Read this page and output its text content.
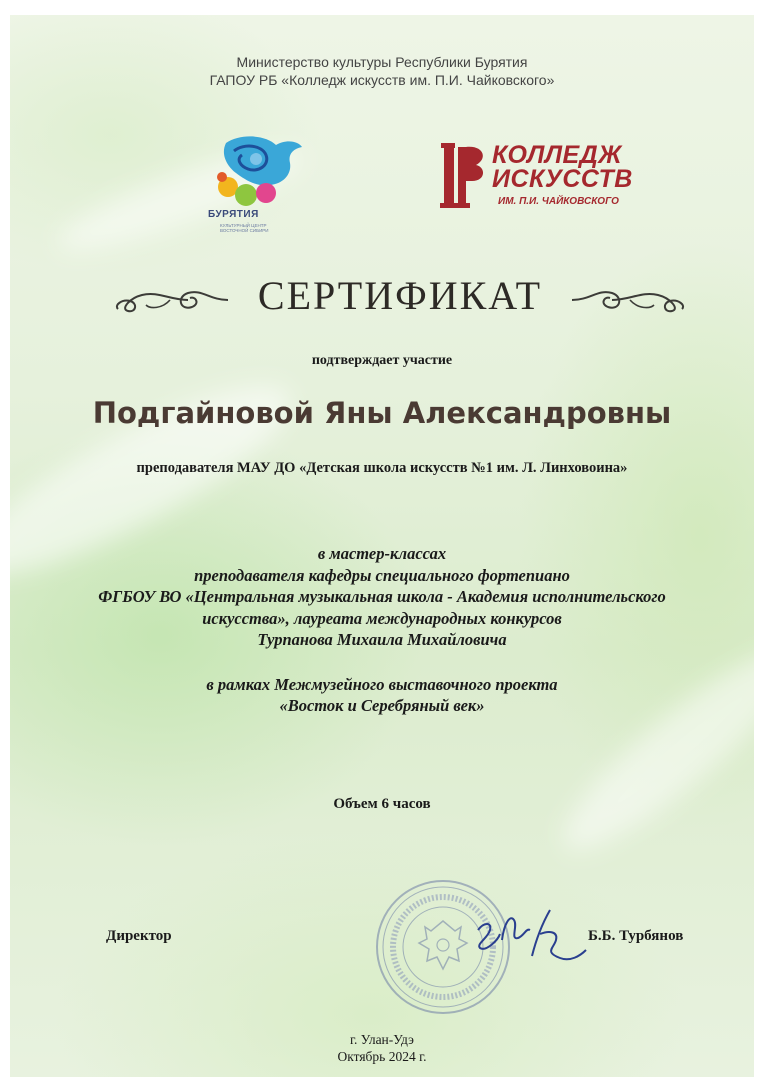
Министерство культуры Республики Бурятия
ГАПОУ РБ «Колледж искусств им. П.И. Чайковского»
БУРЯТИЯ
КУЛЬТУРНЫЙ ЦЕНТР ВОСТОЧНОЙ СИБИРИ
КОЛЛЕДЖ
ИСКУССТВ
ИМ. П.И. ЧАЙКОВСКОГО
СЕРТИФИКАТ
подтверждает участие
Подгайновой Яны Александровны
преподавателя МАУ ДО «Детская школа искусств №1 им. Л. Линховоина»
в мастер-классах
преподавателя кафедры специального фортепиано
ФГБОУ ВО «Центральная музыкальная школа - Академия исполнительского
искусства», лауреата международных конкурсов
Турпанова Михаила Михайловича
в рамках Межмузейного выставочного проекта
«Восток и Серебряный век»
Объем 6 часов
Директор	Б.Б. Турбянов
г. Улан-Удэ
Октябрь 2024 г.
